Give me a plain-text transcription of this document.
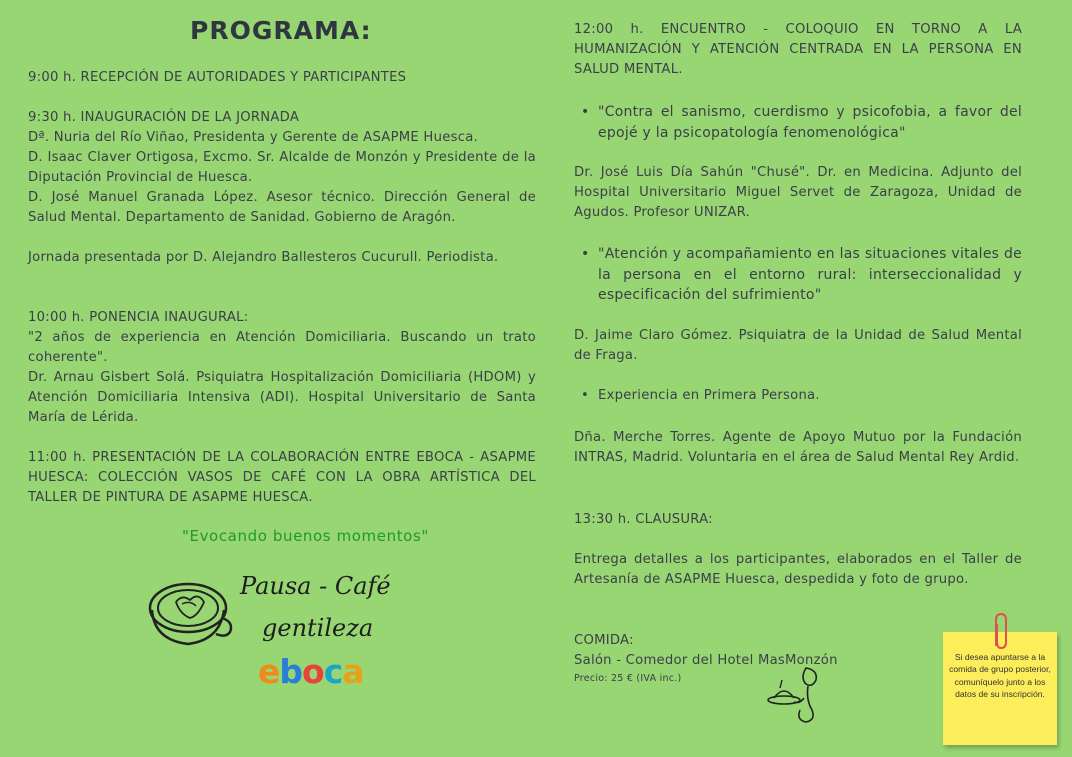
PROGRAMA:

9:00 h. RECEPCIÓN DE AUTORIDADES Y PARTICIPANTES

9:30 h. INAUGURACIÓN DE LA JORNADA

Dª. Nuria del Río Viñao, Presidenta y Gerente de ASAPME Huesca.

D. Isaac Claver Ortigosa, Excmo. Sr. Alcalde de Monzón y Presidente de la Diputación Provincial de Huesca.

D. José Manuel Granada López. Asesor técnico. Dirección General de Salud Mental. Departamento de Sanidad. Gobierno de Aragón.

Jornada presentada por D. Alejandro Ballesteros Cucurull. Periodista.

10:00 h. PONENCIA INAUGURAL:

"2 años de experiencia en Atención Domiciliaria. Buscando un trato coherente".

Dr. Arnau Gisbert Solá. Psiquiatra Hospitalización Domiciliaria (HDOM) y Atención Domiciliaria Intensiva (ADI). Hospital Universitario de Santa María de Lérida.

11:00 h. PRESENTACIÓN DE LA COLABORACIÓN ENTRE EBOCA - ASAPME HUESCA: COLECCIÓN VASOS DE CAFÉ CON LA OBRA ARTÍSTICA DEL TALLER DE PINTURA DE ASAPME HUESCA.

"Evocando buenos momentos"
Pausa - Café
gentileza
eboca

12:00 h. ENCUENTRO - COLOQUIO EN TORNO A LA HUMANIZACIÓN Y ATENCIÓN CENTRADA EN LA PERSONA EN SALUD MENTAL.

• "Contra el sanismo, cuerdismo y psicofobia, a favor del epojé y la psicopatología fenomenológica"

Dr. José Luis Día Sahún "Chusé". Dr. en Medicina. Adjunto del Hospital Universitario Miguel Servet de Zaragoza, Unidad de Agudos. Profesor UNIZAR.

• "Atención y acompañamiento en las situaciones vitales de la persona en el entorno rural: interseccionalidad y especificación del sufrimiento"

D. Jaime Claro Gómez. Psiquiatra de la Unidad de Salud Mental de Fraga.

• Experiencia en Primera Persona.

Dña. Merche Torres. Agente de Apoyo Mutuo por la Fundación INTRAS, Madrid. Voluntaria en el área de Salud Mental Rey Ardid.

13:30 h. CLAUSURA:

Entrega detalles a los participantes, elaborados en el Taller de Artesanía de ASAPME Huesca, despedida y foto de grupo.

COMIDA:

Salón - Comedor del Hotel MasMonzón

Precio: 25 € (IVA inc.)

Si desea apuntarse a la comida de grupo posterior, comuníquelo junto a los datos de su inscripción.
